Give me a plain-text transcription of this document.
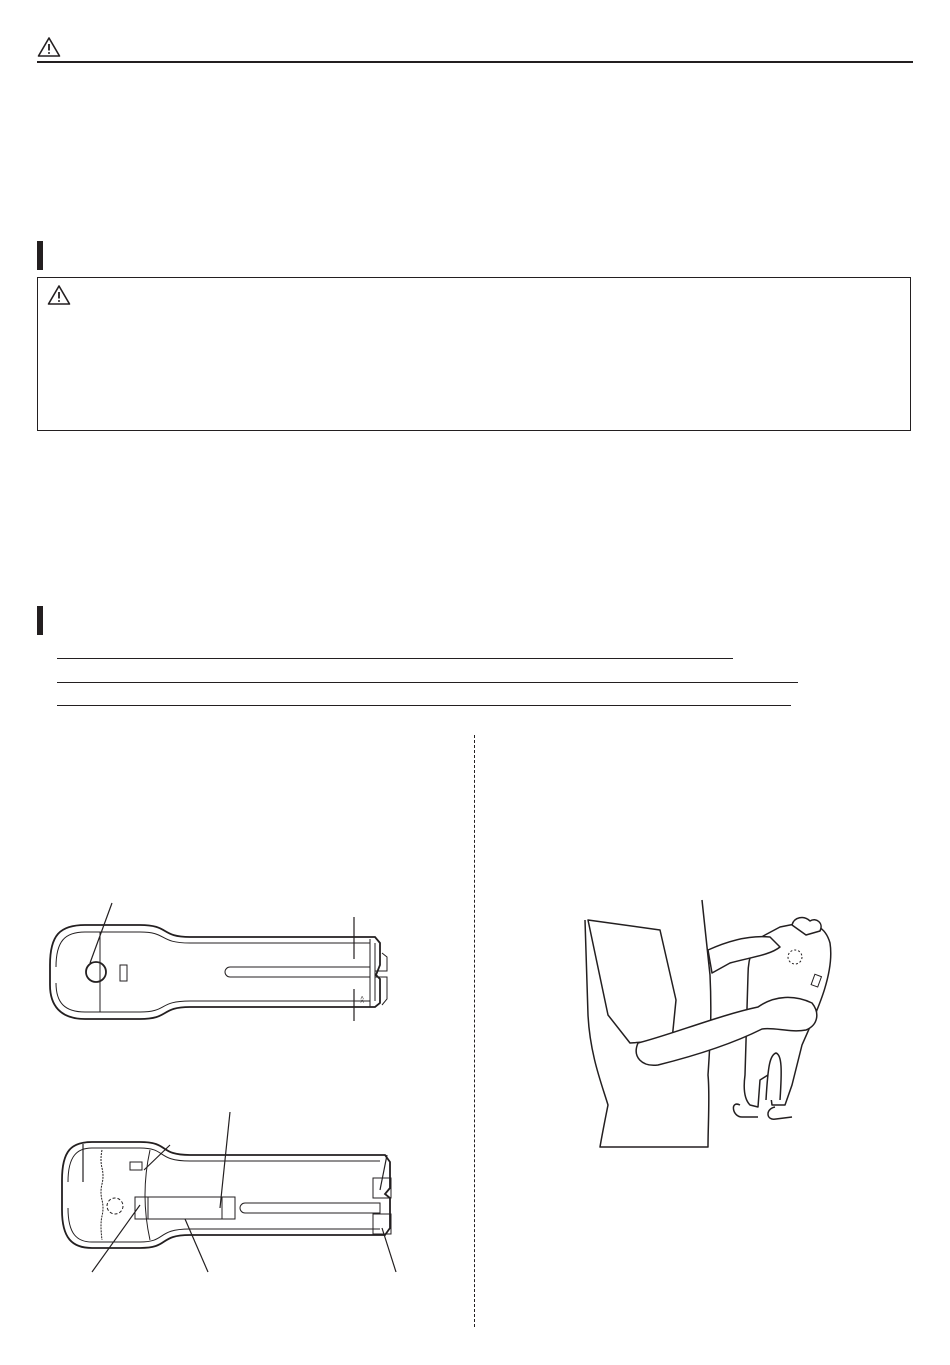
<<
